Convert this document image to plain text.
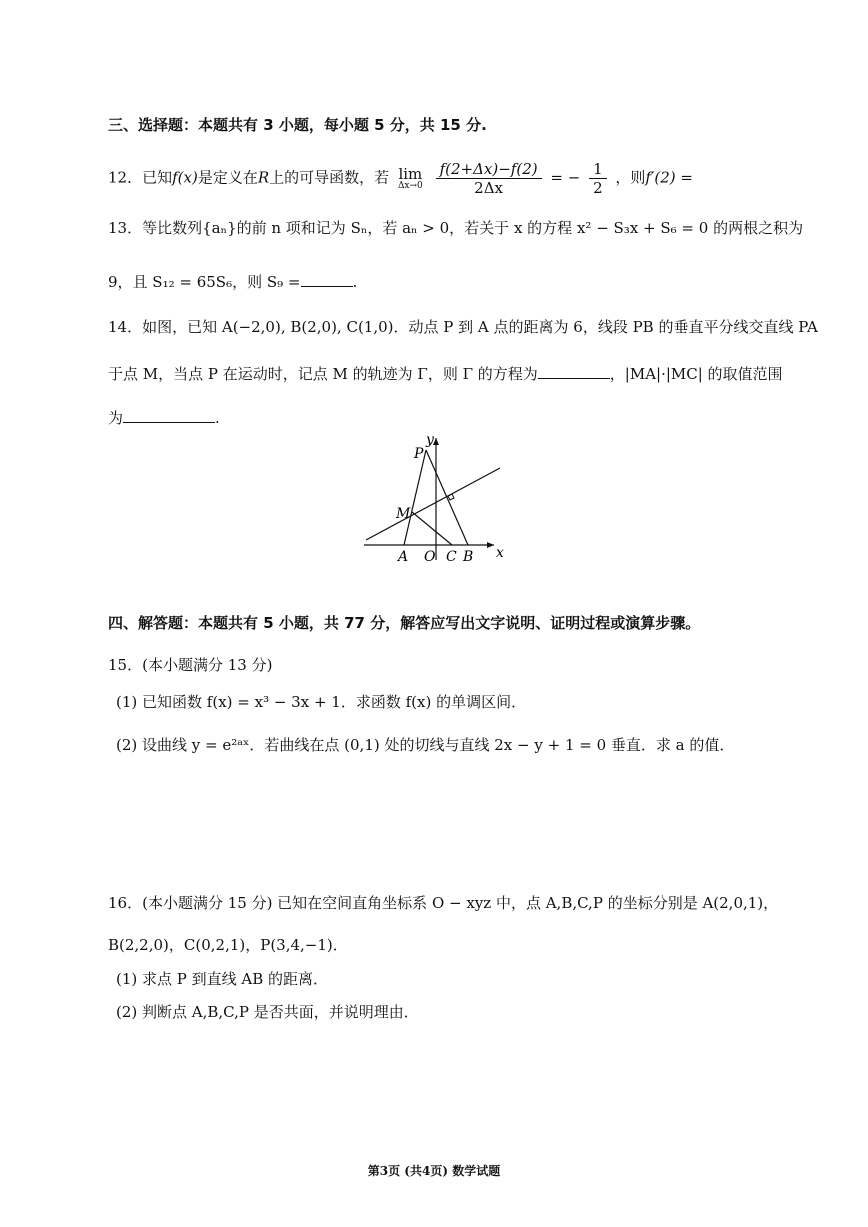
三、选择题：本题共有 3 小题，每小题 5 分，共 15 分.
12．已知f(x)是定义在R上的可导函数，若 lim
Δx→0
$\frac{f(2+\Delta x)-f(2)}{2\Delta x}$ = − $\frac{1}{2}$ ，则f′(2) =
13．等比数列{aₙ}的前 n 项和记为 Sₙ，若 aₙ > 0，若关于 x 的方程 x² − S₃x + S₆ = 0 的两根之积为
9，且 S₁₂ = 65S₆，则 S₉ =	.
14．如图，已知 A(−2,0), B(2,0), C(1,0)．动点 P 到 A 点的距离为 6，线段 PB 的垂直平分线交直线 PA
于点 M，当点 P 在运动时，记点 M 的轨迹为 Γ，则 Γ 的方程为	，|MA|·|MC| 的取值范围
为	.
P
M
A O C B x
y
四、解答题：本题共有 5 小题，共 77 分，解答应写出文字说明、证明过程或演算步骤。
15．(本小题满分 13 分)
(1) 已知函数 f(x) = x³ − 3x + 1．求函数 f(x) 的单调区间．
(2) 设曲线 y = e²ᵃˣ．若曲线在点 (0,1) 处的切线与直线 2x − y + 1 = 0 垂直．求 a 的值．
16．(本小题满分 15 分) 已知在空间直角坐标系 O − xyz 中，点 A,B,C,P 的坐标分别是 A(2,0,1)，
B(2,2,0)，C(0,2,1)，P(3,4,−1)．
(1) 求点 P 到直线 AB 的距离．
(2) 判断点 A,B,C,P 是否共面，并说明理由．
第3页 (共4页) 数学试题
